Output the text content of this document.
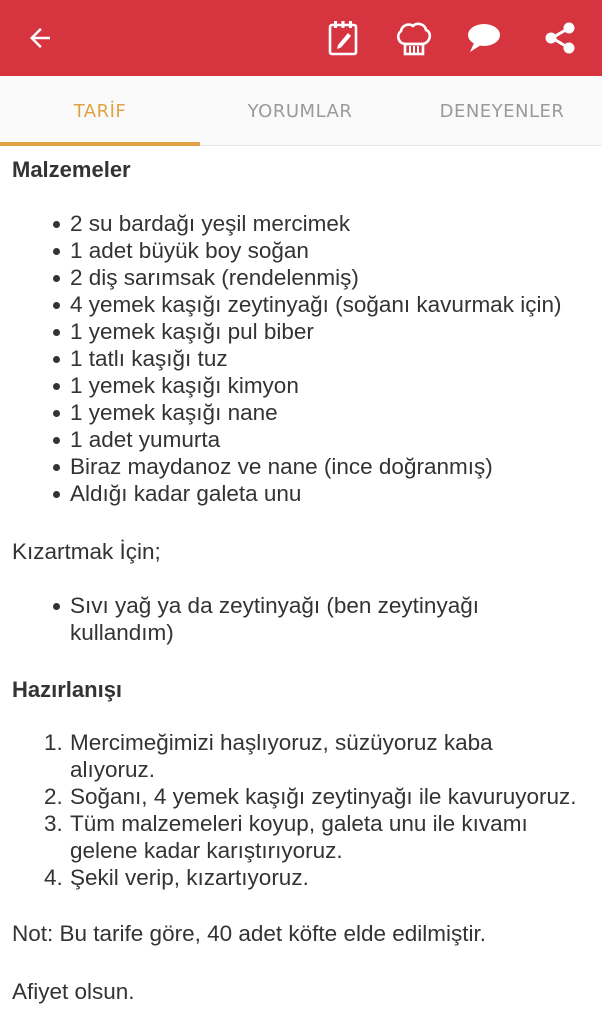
TARİF	YORUMLAR	DENEYENLER
Malzemeler
2 su bardağı yeşil mercimek
1 adet büyük boy soğan
2 diş sarımsak (rendelenmiş)
4 yemek kaşığı zeytinyağı (soğanı kavurmak için)
1 yemek kaşığı pul biber
1 tatlı kaşığı tuz
1 yemek kaşığı kimyon
1 yemek kaşığı nane
1 adet yumurta
Biraz maydanoz ve nane (ince doğranmış)
Aldığı kadar galeta unu
Kızartmak İçin;
Sıvı yağ ya da zeytinyağı (ben zeytinyağı kullandım)
Hazırlanışı
1. Mercimeğimizi haşlıyoruz, süzüyoruz kaba alıyoruz.
2. Soğanı, 4 yemek kaşığı zeytinyağı ile kavuruyoruz.
3. Tüm malzemeleri koyup, galeta unu ile kıvamı gelene kadar karıştırıyoruz.
4. Şekil verip, kızartıyoruz.
Not: Bu tarife göre, 40 adet köfte elde edilmiştir.
Afiyet olsun.
